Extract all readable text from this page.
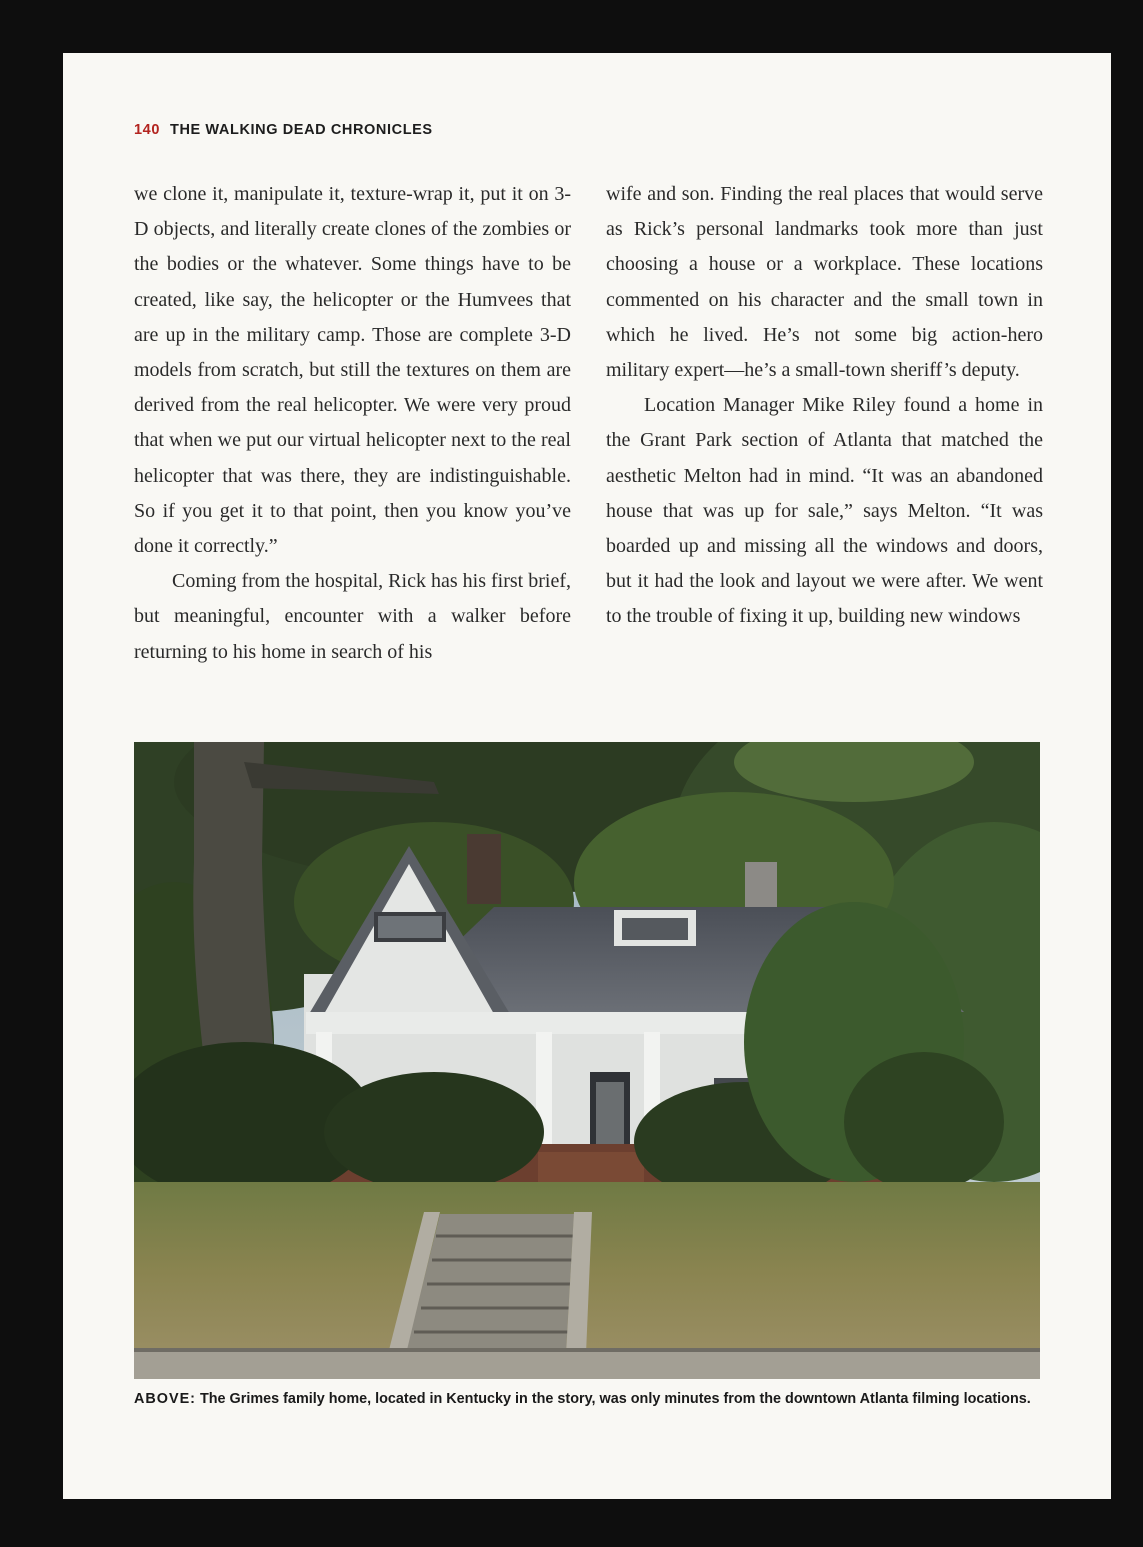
140 THE WALKING DEAD CHRONICLES

we clone it, manipulate it, texture-wrap it, put it on 3-D objects, and literally create clones of the zombies or the bodies or the whatever. Some things have to be created, like say, the helicopter or the Humvees that are up in the military camp. Those are complete 3-D models from scratch, but still the textures on them are derived from the real helicopter. We were very proud that when we put our virtual helicopter next to the real helicopter that was there, they are indistinguishable. So if you get it to that point, then you know you’ve done it correctly.”

Coming from the hospital, Rick has his first brief, but meaningful, encounter with a walker before returning to his home in search of his

wife and son. Finding the real places that would serve as Rick’s personal landmarks took more than just choosing a house or a workplace. These locations commented on his character and the small town in which he lived. He’s not some big action-hero military expert—he’s a small-town sheriff’s deputy.

Location Manager Mike Riley found a home in the Grant Park section of Atlanta that matched the aesthetic Melton had in mind. “It was an abandoned house that was up for sale,” says Melton. “It was boarded up and missing all the windows and doors, but it had the look and layout we were after. We went to the trouble of fixing it up, building new windows

ABOVE: The Grimes family home, located in Kentucky in the story, was only minutes from the downtown Atlanta filming locations.
